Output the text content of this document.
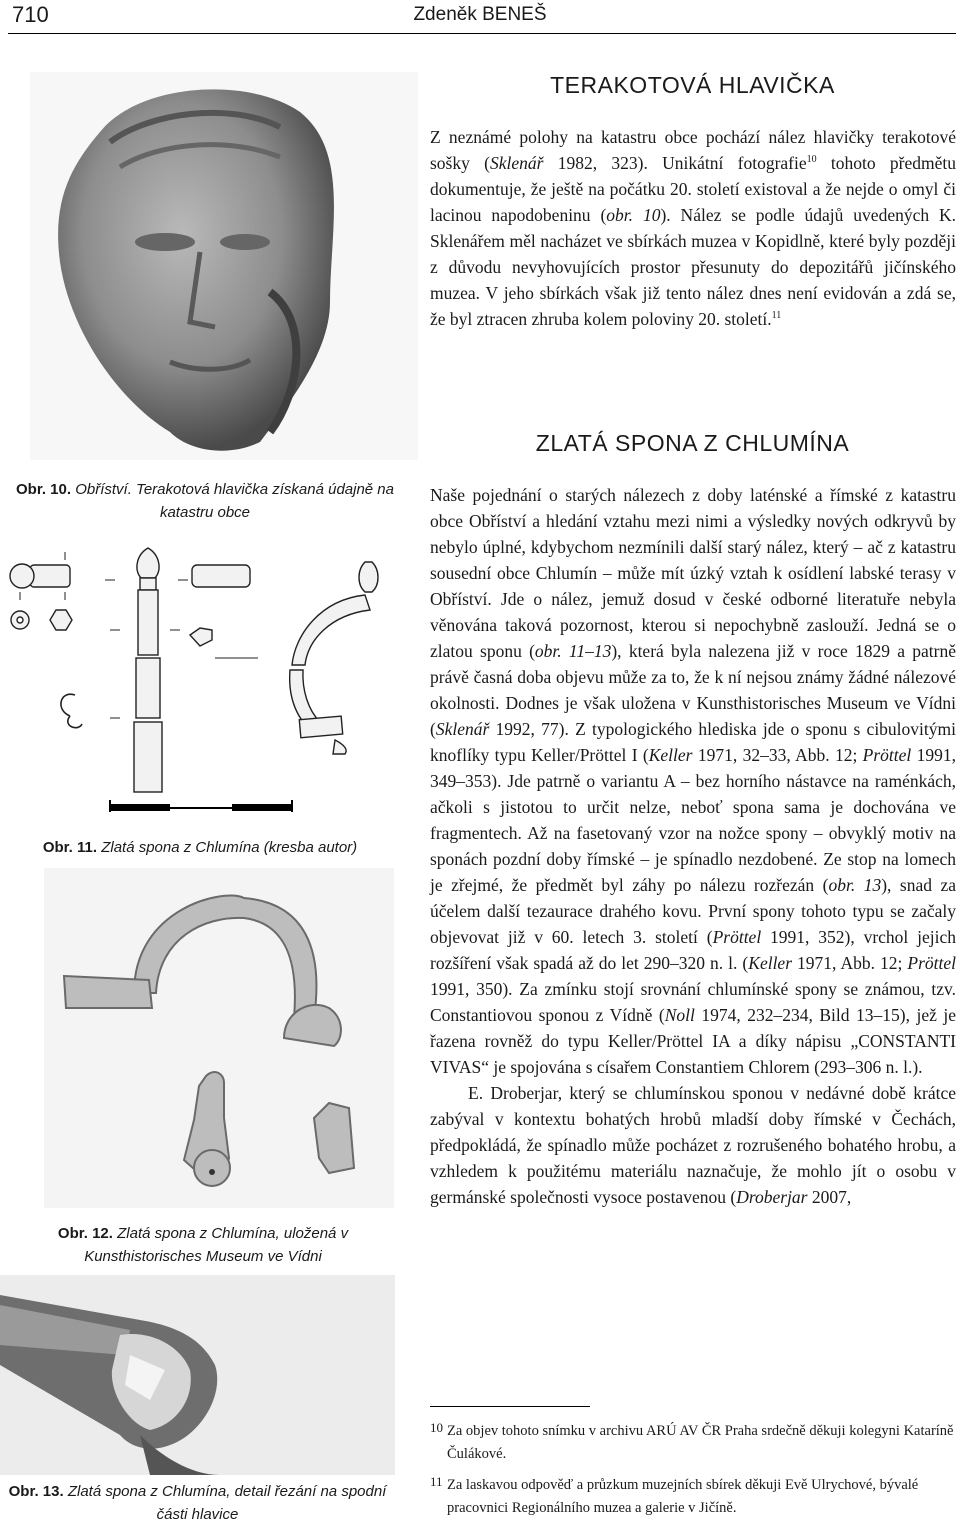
710	Zdeněk BENEŠ
Obr. 10. Obříství. Terakotová hlavička získaná údajně na katastru obce
Obr. 11. Zlatá spona z Chlumína (kresba autor)
Obr. 12. Zlatá spona z Chlumína, uložená v Kunsthistorisches Museum ve Vídni
Obr. 13. Zlatá spona z Chlumína, detail řezání na spodní části hlavice
TERAKOTOVÁ HLAVIČKA

Z neznámé polohy na katastru obce pochází nález hlavičky terakotové sošky (Sklenář 1982, 323). Unikátní fotografie$^{10}$ tohoto předmětu dokumentuje, že ještě na počátku 20. století existoval a že nejde o omyl či lacinou napodobeninu (obr. 10). Nález se podle údajů uvedených K. Sklenářem měl nacházet ve sbírkách muzea v Kopidlně, které byly později z důvodu nevyhovujících prostor přesunuty do depozitářů jičínského muzea. V jeho sbírkách však již tento nález dnes není evidován a zdá se, že byl ztracen zhruba kolem poloviny 20. století.$^{11}$

ZLATÁ SPONA Z CHLUMÍNA

Naše pojednání o starých nálezech z doby laténské a římské z katastru obce Obříství a hledání vztahu mezi nimi a výsledky nových odkryvů by nebylo úplné, kdybychom nezmínili další starý nález, který – ač z katastru sousední obce Chlumín – může mít úzký vztah k osídlení labské terasy v Obříství. Jde o nález, jemuž dosud v české odborné literatuře nebyla věnována taková pozornost, kterou si nepochybně zaslouží. Jedná se o zlatou sponu (obr. 11–13), která byla nalezena již v roce 1829 a patrně právě časná doba objevu může za to, že k ní nejsou známy žádné nálezové okolnosti. Dodnes je však uložena v Kunsthistorisches Museum ve Vídni (Sklenář 1992, 77). Z typologického hlediska jde o sponu s cibulovitými knoflíky typu Keller/Pröttel I (Keller 1971, 32–33, Abb. 12; Pröttel 1991, 349–353). Jde patrně o variantu A – bez horního nástavce na raménkách, ačkoli s jistotou to určit nelze, neboť spona sama je dochována ve fragmentech. Až na fasetovaný vzor na nožce spony – obvyklý motiv na sponách pozdní doby římské – je spínadlo nezdobené. Ze stop na lomech je zřejmé, že předmět byl záhy po nálezu rozřezán (obr. 13), snad za účelem další tezaurace drahého kovu. První spony tohoto typu se začaly objevovat již v 60. letech 3. století (Pröttel 1991, 352), vrchol jejich rozšíření však spadá až do let 290–320 n. l. (Keller 1971, Abb. 12; Pröttel 1991, 350). Za zmínku stojí srovnání chlumínské spony se známou, tzv. Constantiovou sponou z Vídně (Noll 1974, 232–234, Bild 13–15), jež je řazena rovněž do typu Keller/Pröttel IA a díky nápisu „CONSTANTI VIVAS“ je spojována s císařem Constantiem Chlorem (293–306 n. l.).

E. Droberjar, který se chlumínskou sponou v nedávné době krátce zabýval v kontextu bohatých hrobů mladší doby římské v Čechách, předpokládá, že spínadlo může pocházet z rozrušeného bohatého hrobu, a vzhledem k použitému materiálu naznačuje, že mohlo jít o osobu v germánské společnosti vysoce postavenou (Droberjar 2007,

10 Za objev tohoto snímku v archivu ARÚ AV ČR Praha srdečně děkuji kolegyni Kataríně Čulákové.
11 Za laskavou odpověď a průzkum muzejních sbírek děkuji Evě Ulrychové, bývalé pracovnici Regionálního muzea a galerie v Jičíně.
